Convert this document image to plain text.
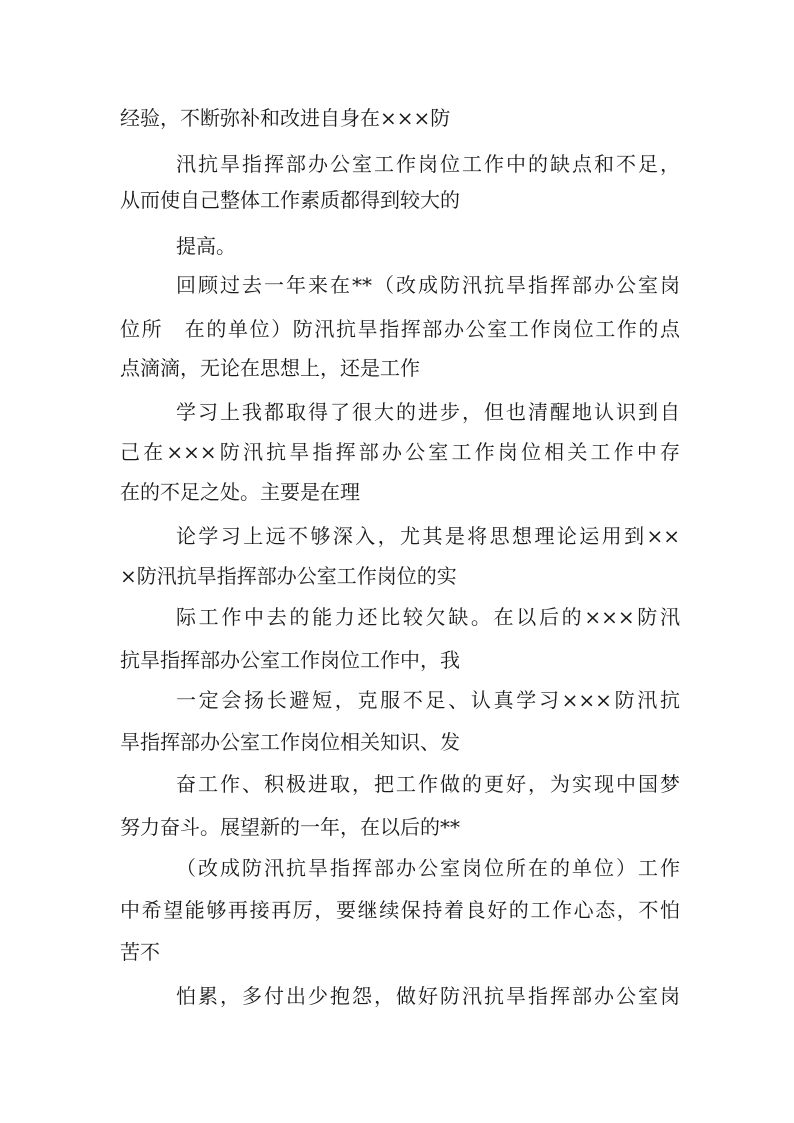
经验，不断弥补和改进自身在×××防

汛抗旱指挥部办公室工作岗位工作中的缺点和不足，

从而使自己整体工作素质都得到较大的

提高。

回顾过去一年来在**（改成防汛抗旱指挥部办公室岗

位所　在的单位）防汛抗旱指挥部办公室工作岗位工作的点

点滴滴，无论在思想上，还是工作

学习上我都取得了很大的进步，但也清醒地认识到自

己在×××防汛抗旱指挥部办公室工作岗位相关工作中存

在的不足之处。主要是在理

论学习上远不够深入，尤其是将思想理论运用到××

×防汛抗旱指挥部办公室工作岗位的实

际工作中去的能力还比较欠缺。在以后的×××防汛

抗旱指挥部办公室工作岗位工作中，我

一定会扬长避短，克服不足、认真学习×××防汛抗

旱指挥部办公室工作岗位相关知识、发

奋工作、积极进取，把工作做的更好，为实现中国梦

努力奋斗。展望新的一年，在以后的**

（改成防汛抗旱指挥部办公室岗位所在的单位）工作

中希望能够再接再厉，要继续保持着良好的工作心态，不怕

苦不

怕累，多付出少抱怨，做好防汛抗旱指挥部办公室岗
